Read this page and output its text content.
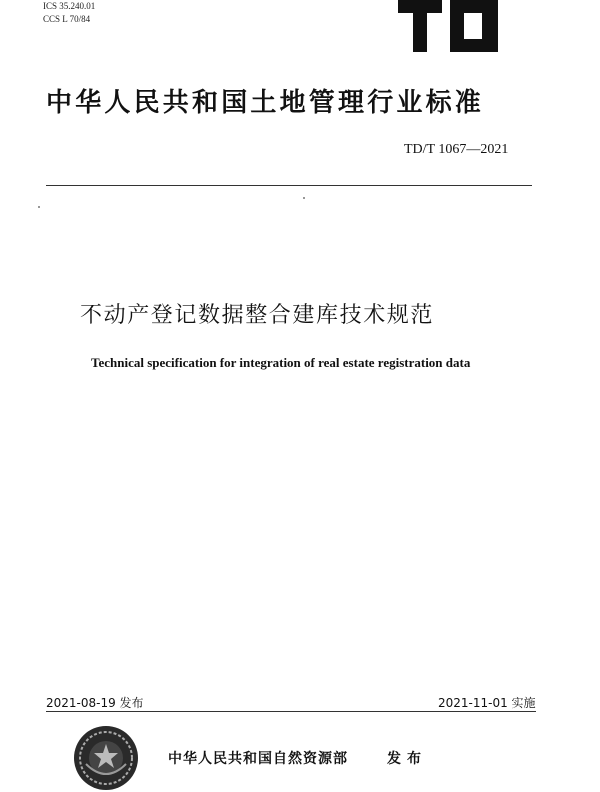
ICS 35.240.01
CCS L 70/84
中华人民共和国土地管理行业标准
TD/T 1067—2021
不动产登记数据整合建库技术规范
Technical specification for integration of real estate registration data
2021-08-19 发布	2021-11-01 实施
中华人民共和国自然资源部	发布
